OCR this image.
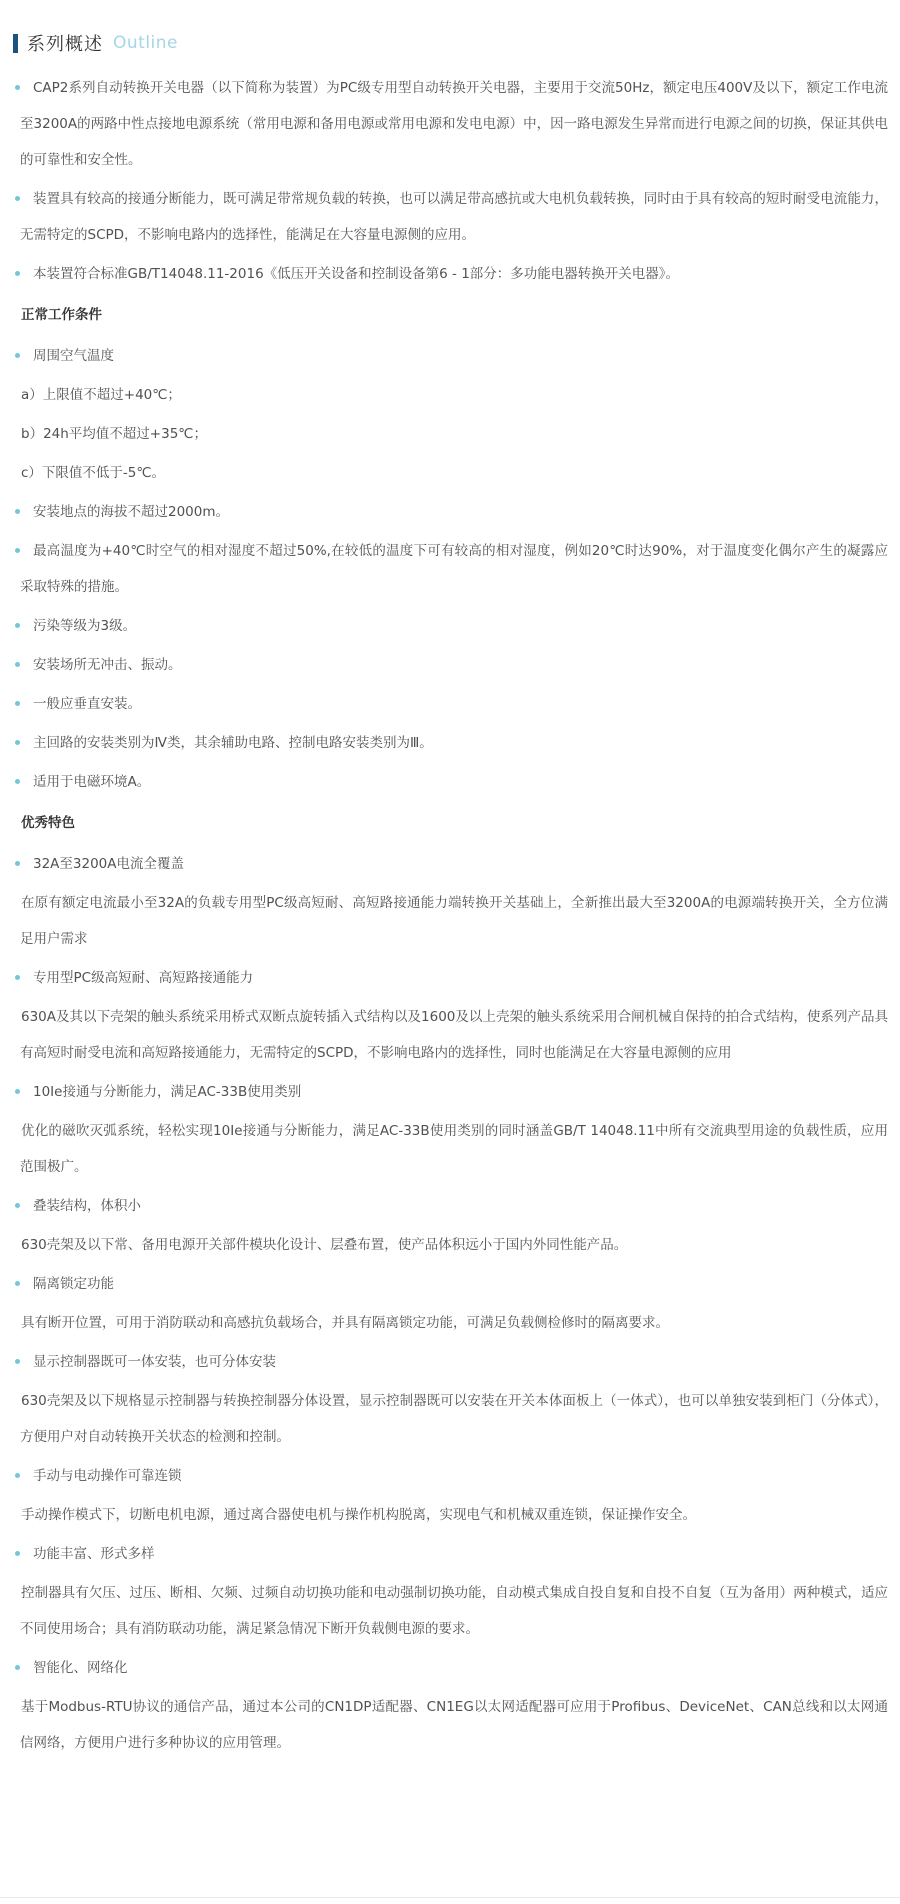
系列概述 Outline
CAP2系列自动转换开关电器（以下简称为装置）为PC级专用型自动转换开关电器，主要用于交流50Hz，额定电压400V及以下，额定工作电流至3200A的两路中性点接地电源系统（常用电源和备用电源或常用电源和发电电源）中，因一路电源发生异常而进行电源之间的切换，保证其供电的可靠性和安全性。
装置具有较高的接通分断能力，既可满足带常规负载的转换，也可以满足带高感抗或大电机负载转换，同时由于具有较高的短时耐受电流能力，无需特定的SCPD，不影响电路内的选择性，能满足在大容量电源侧的应用。
本装置符合标准GB/T14048.11-2016《低压开关设备和控制设备第6 - 1部分：多功能电器转换开关电器》。
正常工作条件
周围空气温度
a）上限值不超过+40℃；
b）24h平均值不超过+35℃；
c）下限值不低于-5℃。
安装地点的海拔不超过2000m。
最高温度为+40℃时空气的相对湿度不超过50%,在较低的温度下可有较高的相对湿度，例如20℃时达90%，对于温度变化偶尔产生的凝露应采取特殊的措施。
污染等级为3级。
安装场所无冲击、振动。
一般应垂直安装。
主回路的安装类别为Ⅳ类，其余辅助电路、控制电路安装类别为Ⅲ。
适用于电磁环境A。
优秀特色
32A至3200A电流全覆盖
在原有额定电流最小至32A的负载专用型PC级高短耐、高短路接通能力端转换开关基础上，全新推出最大至3200A的电源端转换开关，全方位满足用户需求
专用型PC级高短耐、高短路接通能力
630A及其以下壳架的触头系统采用桥式双断点旋转插入式结构以及1600及以上壳架的触头系统采用合闸机械自保持的拍合式结构，使系列产品具有高短时耐受电流和高短路接通能力，无需特定的SCPD，不影响电路内的选择性，同时也能满足在大容量电源侧的应用
10Ie接通与分断能力，满足AC-33B使用类别
优化的磁吹灭弧系统，轻松实现10Ie接通与分断能力，满足AC-33B使用类别的同时涵盖GB/T 14048.11中所有交流典型用途的负载性质，应用范围极广。
叠装结构，体积小
630壳架及以下常、备用电源开关部件模块化设计、层叠布置，使产品体积远小于国内外同性能产品。
隔离锁定功能
具有断开位置，可用于消防联动和高感抗负载场合，并具有隔离锁定功能，可满足负载侧检修时的隔离要求。
显示控制器既可一体安装，也可分体安装
630壳架及以下规格显示控制器与转换控制器分体设置，显示控制器既可以安装在开关本体面板上（一体式），也可以单独安装到柜门（分体式），方便用户对自动转换开关状态的检测和控制。
手动与电动操作可靠连锁
手动操作模式下，切断电机电源，通过离合器使电机与操作机构脱离，实现电气和机械双重连锁，保证操作安全。
功能丰富、形式多样
控制器具有欠压、过压、断相、欠频、过频自动切换功能和电动强制切换功能，自动模式集成自投自复和自投不自复（互为备用）两种模式，适应不同使用场合；具有消防联动功能，满足紧急情况下断开负载侧电源的要求。
智能化、网络化
基于Modbus-RTU协议的通信产品，通过本公司的CN1DP适配器、CN1EG以太网适配器可应用于Profibus、DeviceNet、CAN总线和以太网通信网络，方便用户进行多种协议的应用管理。
